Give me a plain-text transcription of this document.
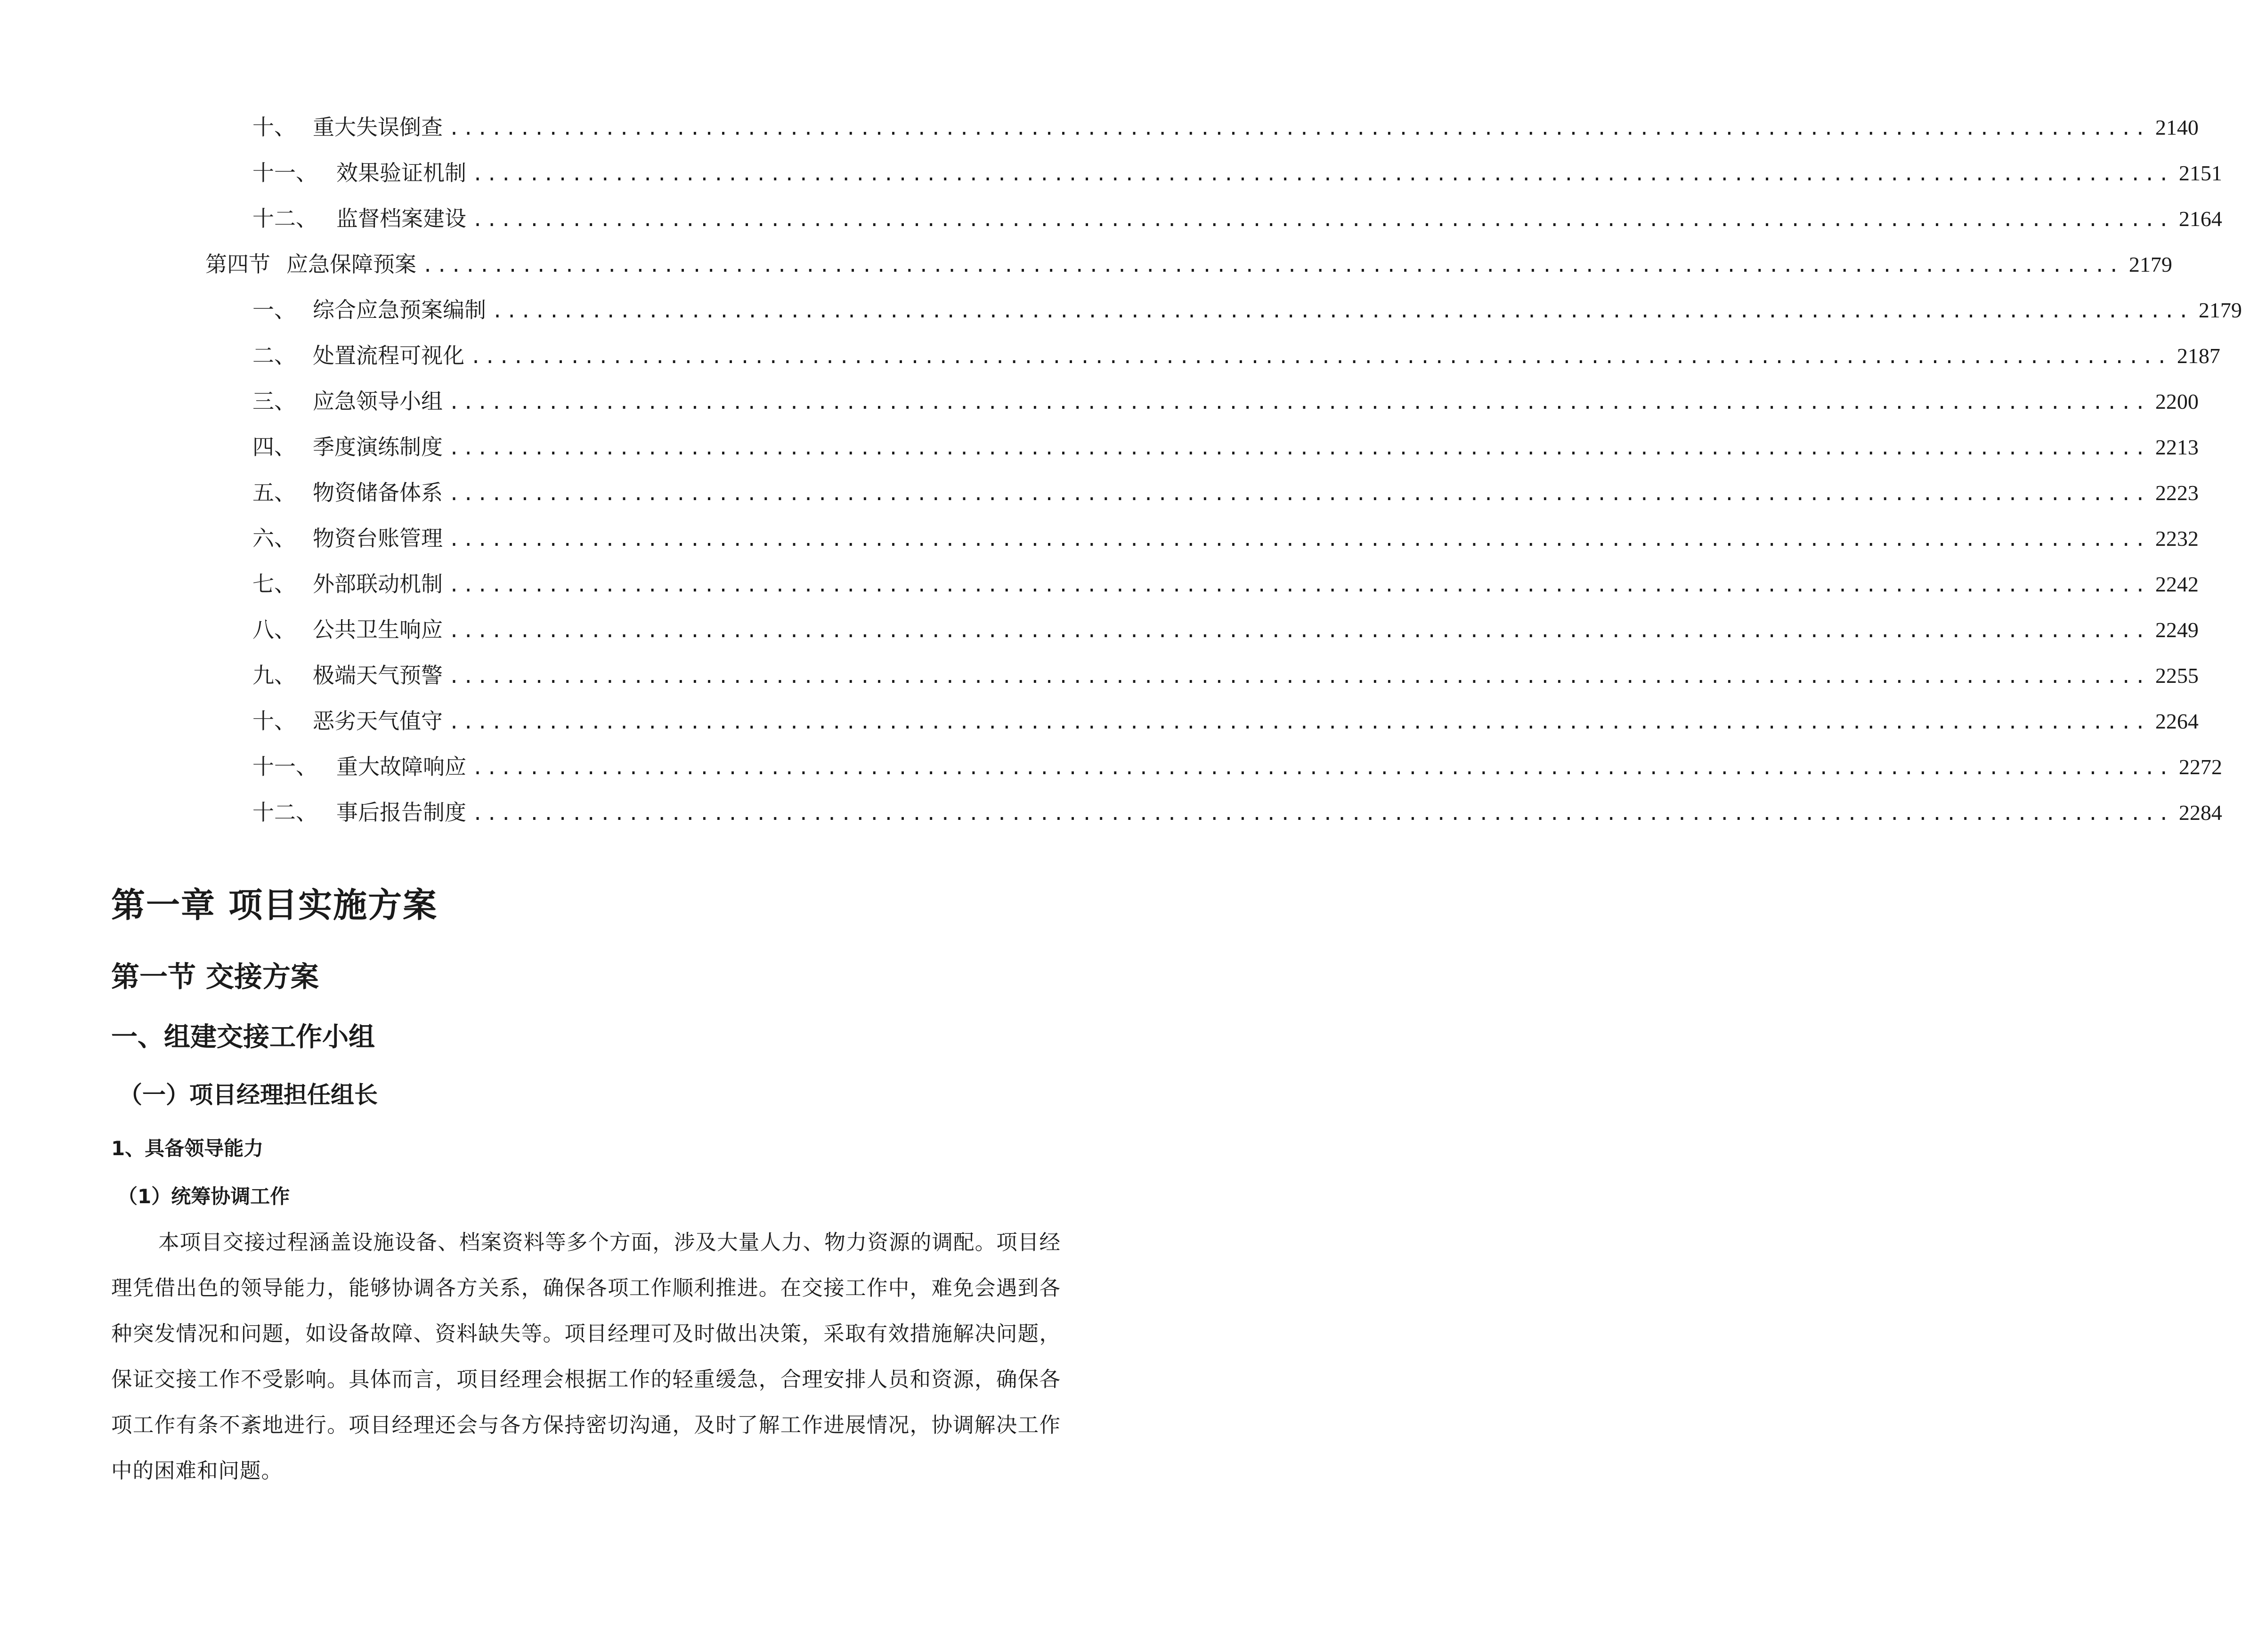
十、 重大失误倒查 ........................................................................................................................ 2140
十一、 效果验证机制 ........................................................................................................................ 2151
十二、 监督档案建设 ........................................................................................................................ 2164
第四节 应急保障预案 ........................................................................................................................ 2179
一、 综合应急预案编制 ........................................................................................................................ 2179
二、 处置流程可视化 ........................................................................................................................ 2187
三、 应急领导小组 ........................................................................................................................ 2200
四、 季度演练制度 ........................................................................................................................ 2213
五、 物资储备体系 ........................................................................................................................ 2223
六、 物资台账管理 ........................................................................................................................ 2232
七、 外部联动机制 ........................................................................................................................ 2242
八、 公共卫生响应 ........................................................................................................................ 2249
九、 极端天气预警 ........................................................................................................................ 2255
十、 恶劣天气值守 ........................................................................................................................ 2264
十一、 重大故障响应 ........................................................................................................................ 2272
十二、 事后报告制度 ........................................................................................................................ 2284
第一章 项目实施方案
第一节 交接方案
一、组建交接工作小组
（一）项目经理担任组长
1、具备领导能力
（1）统筹协调工作

本项目交接过程涵盖设施设备、档案资料等多个方面，涉及大量人力、物力资源的调配。项目经理凭借出色的领导能力，能够协调各方关系，确保各项工作顺利推进。在交接工作中，难免会遇到各种突发情况和问题，如设备故障、资料缺失等。项目经理可及时做出决策，采取有效措施解决问题，保证交接工作不受影响。具体而言，项目经理会根据工作的轻重缓急，合理安排人员和资源，确保各项工作有条不紊地进行。项目经理还会与各方保持密切沟通，及时了解工作进展情况，协调解决工作中的困难和问题。
